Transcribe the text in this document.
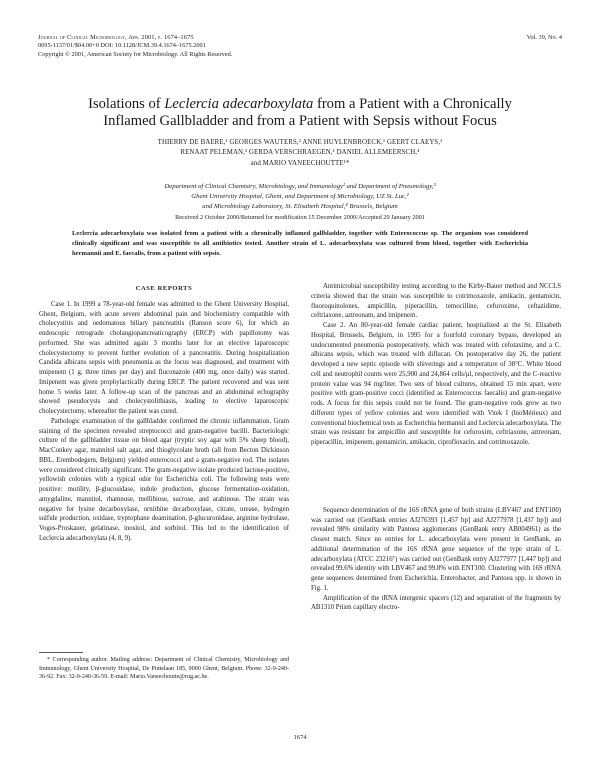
Journal of Clinical Microbiology, Apr. 2001, p. 1674–1675
0095-1137/01/$04.00+0 DOI: 10.1128/JCM.39.4.1674–1675.2001
Copyright © 2001, American Society for Microbiology. All Rights Reserved.
Vol. 39, No. 4
Isolations of Leclercia adecarboxylata from a Patient with a Chronically
Inflamed Gallbladder and from a Patient with Sepsis without Focus
THIERRY DE BAERE,¹ GEORGES WAUTERS,² ANNE HUYLENBROECK,¹ GEERT CLAEYS,¹
RENAAT PELEMAN,³ GERDA VERSCHRAEGEN,¹ DANIEL ALLEMEERSCH,⁴
and MARIO VANEECHOUTTE¹*
Department of Clinical Chemistry, Microbiology, and Immunology¹ and Department of Pneumology,³
Ghent University Hospital, Ghent, and Department of Microbiology, UZ St. Luc,²
and Microbiology Laboratory, St. Elisabeth Hospital,⁴ Brussels, Belgium
Received 2 October 2000/Returned for modification 15 December 2000/Accepted 29 January 2001
Leclercia adecarboxylata was isolated from a patient with a chronically inflamed gallbladder, together with Enterococcus sp. The organism was considered clinically significant and was susceptible to all antibiotics tested. Another strain of L. adecarboxylata was cultured from blood, together with Escherichia hermannii and E. faecalis, from a patient with sepsis.
CASE REPORTS

Case 1. In 1999 a 78-year-old female was admitted to the Ghent University Hospital, Ghent, Belgium, with acute severe abdominal pain and biochemistry compatible with cholecystitis and oedomatous biliary pancreatitis (Ranson score 6), for which an endoscopic retrograde cholangiopancreaticography (ERCP) with papillotomy was performed. She was admitted again 3 months later for an elective laparoscopic cholecystectomy to prevent further evolution of a pancreatitis. During hospitalization Candida albicans sepsis with pneumonia as the focus was diagnosed, and treatment with imipenem (1 g, three times per day) and fluconazole (400 mg, once daily) was started. Imipenem was given prophylactically during ERCP. The patient recovered and was sent home 5 weeks later. A follow-up scan of the pancreas and an abdominal echography showed pseudocysts and cholecystolithiasis, leading to elective laparoscopic cholecystectomy, whereafter the patient was cured.

Pathologic examination of the gallbladder confirmed the chronic inflammation. Gram staining of the specimen revealed streptococci and gram-negative bacilli. Bacteriologic culture of the gallbladder tissue on blood agar (tryptic soy agar with 5% sheep blood), MacConkey agar, mannitol salt agar, and thioglycolate broth (all from Becton Dickinson BBL, Erembodegem, Belgium) yielded enterococci and a gram-negative rod. The isolates were considered clinically significant. The gram-negative isolate produced lactose-positive, yellowish colonies with a typical odor for Escherichia coli. The following tests were positive: motility, β-glucosidase, indole production, glucose fermentation-oxidation, amygdaline, mannitol, rhamnose, mellibiose, sucrose, and arabinose. The strain was negative for lysine decarboxylase, ornithine decarboxylase, citrate, urease, hydrogen sulfide production, oxidase, tryptophane deamination, β-glucuronidase, arginine hydrolase, Voges-Proskauer, gelatinase, inositol, and sorbitol. This led to the identification of Leclercia adecarboxylata (4, 8, 9).

Antimicrobial susceptibility testing according to the Kirby-Bauer method and NCCLS criteria showed that the strain was susceptible to cotrimoxazole, amikacin, gentamicin, fluoroquinolones, ampicillin, piperacillin, temocilline, cefuroxime, ceftazidime, ceftriaxone, aztreonam, and imipenem.

Case 2. An 80-year-old female cardiac patient, hospitalized at the St. Elisabeth Hospital, Brussels, Belgium, in 1995 for a fourfold coronary bypass, developed an undocumented pneumonia postoperatively, which was treated with cefotaxime, and a C. albicans sepsis, which was treated with diflucan. On postoperative day 26, the patient developed a new septic episode with shiverings and a temperature of 38°C. White blood cell and neutrophil counts were 25,900 and 24,864 cells/μl, respectively, and the C-reactive protein value was 94 mg/liter. Two sets of blood cultures, obtained 15 min apart, were positive with gram-positive cocci (identified as Enterococcus faecalis) and gram-negative rods. A focus for this sepsis could not be found. The gram-negative rods grew as two different types of yellow colonies and were identified with Vitek I (bioMérieux) and conventional biochemical tests as Escherichia hermannii and Leclercia adecarboxylata. The strain was resistant for ampicillin and susceptible for cefuroxim, ceftriaxone, aztreonam, piperacillin, imipenem, gentamicin, amikacin, ciprofloxacin, and cotrimoxazole.

Sequence determination of the 16S rRNA gene of both strains (LBV467 and ENT100) was carried out (GenBank entries AJ276393 [1,457 bp] and AJ277978 [1,437 bp]) and revealed 98% similarity with Pantoea agglomerans (GenBank entry AB004961) as the closest match. Since no entries for L. adecarboxylata were present in GenBank, an additional determination of the 16S rRNA gene sequence of the type strain of L. adecarboxylata (ATCC 23216ᵀ) was carried out (GenBank entry AJ277977 [1,447 bp]) and revealed 99.6% identity with LBV467 and 99.8% with ENT100. Clustering with 16S rRNA gene sequences determined from Escherichia, Enterobacter, and Pantoea spp. is shown in Fig. 1.

Amplification of the tRNA intergenic spacers (12) and separation of the fragments by AB1310 Prism capillary electro-

* Corresponding author. Mailing address: Department of Clinical Chemistry, Microbiology and Immunology, Ghent University Hospital, De Pintelaan 185, 9000 Ghent, Belgium. Phone: 32-9-240-36-92. Fax: 32-9-240-36-59. E-mail: Mario.Vaneechoutte@rug.ac.be.
1674
